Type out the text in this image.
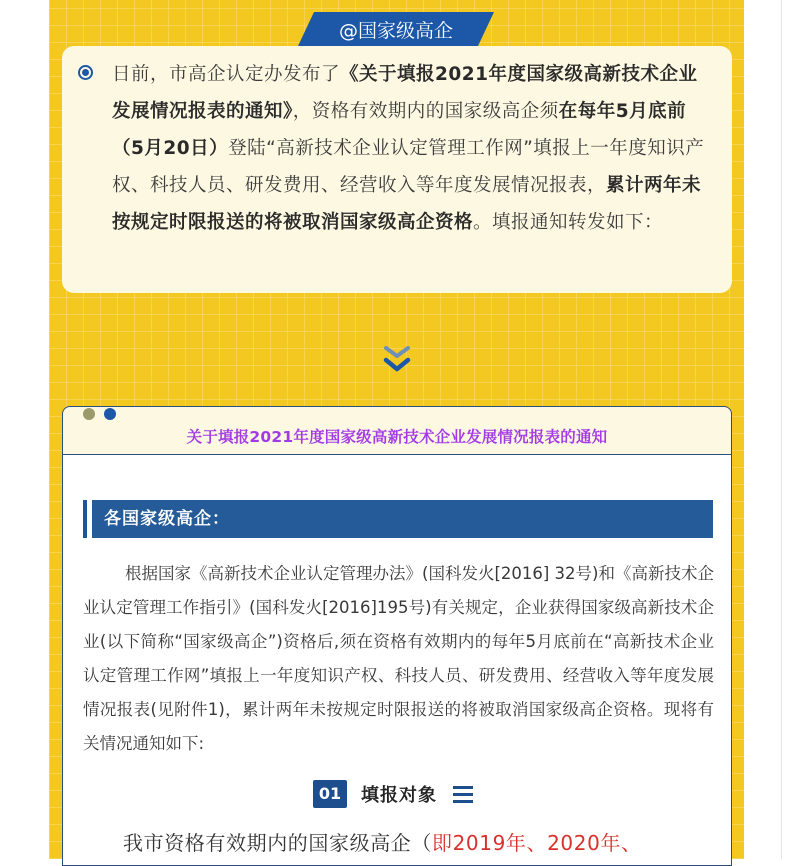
@国家级高企
日前，市高企认定办发布了《关于填报2021年度国家级高新技术企业发展情况报表的通知》，资格有效期内的国家级高企须在每年5月底前（5月20日）登陆“高新技术企业认定管理工作网”填报上一年度知识产权、科技人员、研发费用、经营收入等年度发展情况报表，累计两年未按规定时限报送的将被取消国家级高企资格。填报通知转发如下：
关于填报2021年度国家级高新技术企业发展情况报表的通知
各国家级高企：
根据国家《高新技术企业认定管理办法》(国科发火[2016] 32号)和《高新技术企业认定管理工作指引》(国科发火[2016]195号)有关规定，企业获得国家级高新技术企业(以下简称“国家级高企”)资格后,须在资格有效期内的每年5月底前在“高新技术企业认定管理工作网”填报上一年度知识产权、科技人员、研发费用、经营收入等年度发展情况报表(见附件1)，累计两年未按规定时限报送的将被取消国家级高企资格。现将有关情况通知如下:
01	填报对象
我市资格有效期内的国家级高企（即2019年、2020年、
